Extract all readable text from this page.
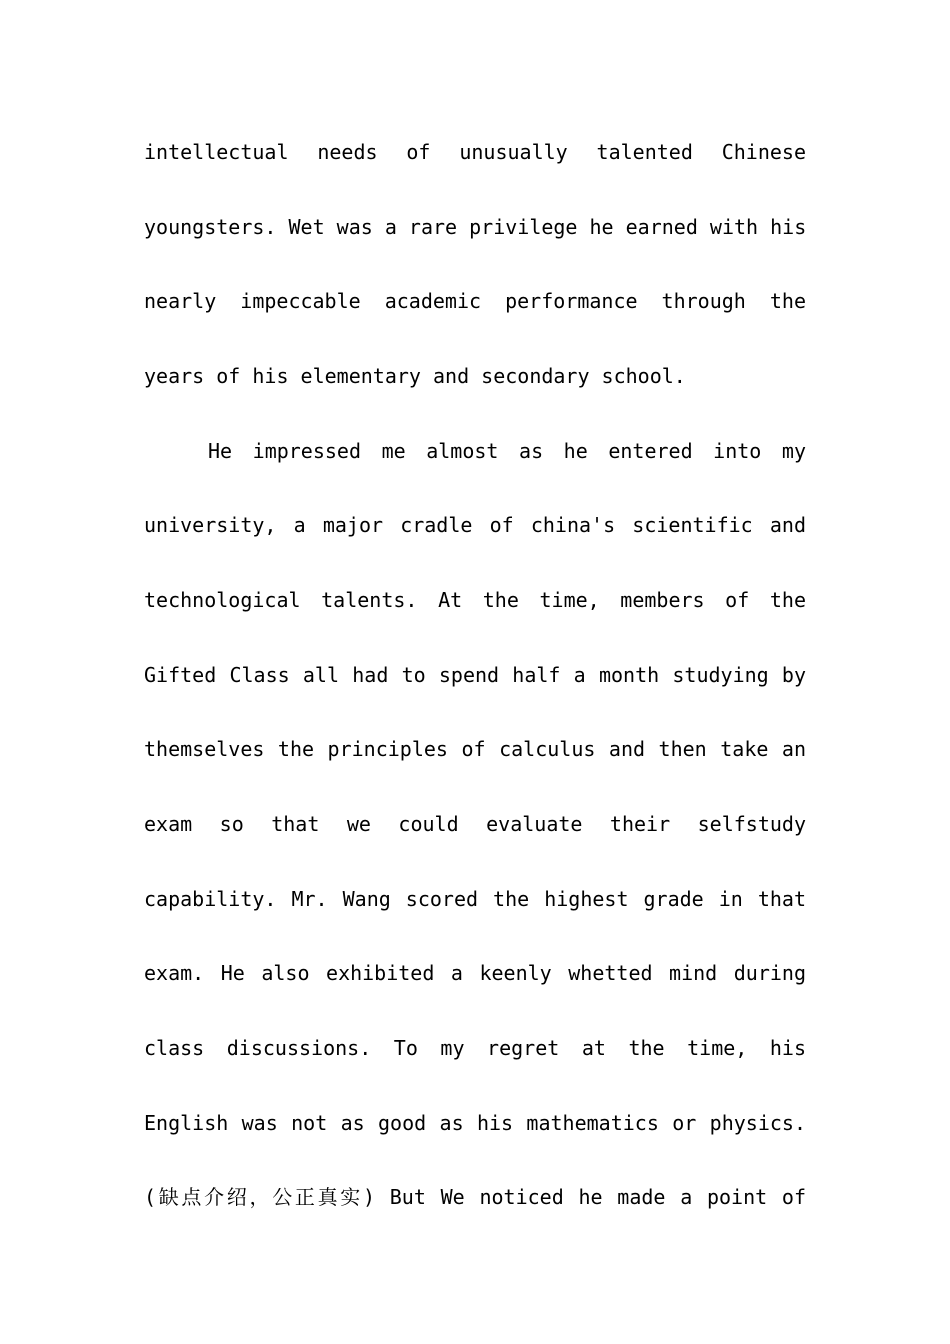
intellectual needs of unusually talented Chinese
youngsters. Wet was a rare privilege he earned with his
nearly impeccable academic performance through the
years of his elementary and secondary school.
He impressed me almost as he entered into my
university, a major cradle of china's scientific and
technological talents. At the time, members of the
Gifted Class all had to spend half a month studying by
themselves the principles of calculus and then take an
exam so that we could evaluate their selfstudy
capability. Mr. Wang scored the highest grade in that
exam. He also exhibited a keenly whetted mind during
class discussions. To my regret at the time, his
English was not as good as his mathematics or physics.
(缺点介绍，公正真实) But We noticed he made a point of
